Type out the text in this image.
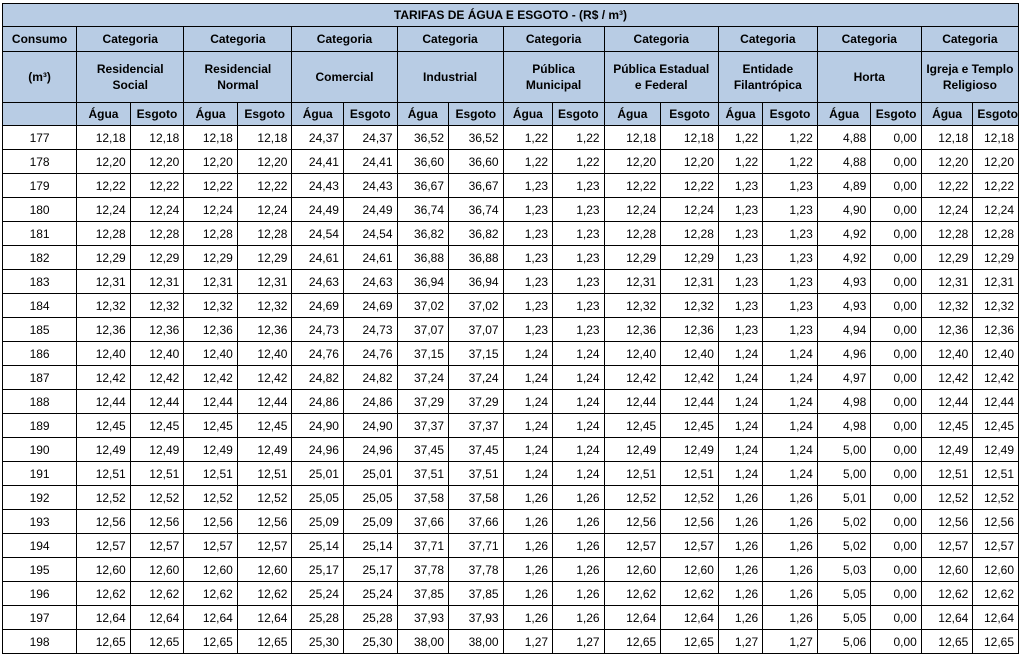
TARIFAS DE ÁGUA E ESGOTO - (R$ / m³)																		
Consumo	Categoria		Categoria		Categoria		Categoria		Categoria		Categoria		Categoria		Categoria		Categoria	
(m³)	Residencial Social		Residencial Normal		Comercial		Industrial		Pública Municipal		Pública Estadual e Federal		Entidade Filantrópica		Horta		Igreja e Templo Religioso	
	Água	Esgoto	Água	Esgoto	Água	Esgoto	Água	Esgoto	Água	Esgoto	Água	Esgoto	Água	Esgoto	Água	Esgoto	Água	Esgoto
177	12,18	12,18	12,18	12,18	24,37	24,37	36,52	36,52	1,22	1,22	12,18	12,18	1,22	1,22	4,88	0,00	12,18	12,18
178	12,20	12,20	12,20	12,20	24,41	24,41	36,60	36,60	1,22	1,22	12,20	12,20	1,22	1,22	4,88	0,00	12,20	12,20
179	12,22	12,22	12,22	12,22	24,43	24,43	36,67	36,67	1,23	1,23	12,22	12,22	1,23	1,23	4,89	0,00	12,22	12,22
180	12,24	12,24	12,24	12,24	24,49	24,49	36,74	36,74	1,23	1,23	12,24	12,24	1,23	1,23	4,90	0,00	12,24	12,24
181	12,28	12,28	12,28	12,28	24,54	24,54	36,82	36,82	1,23	1,23	12,28	12,28	1,23	1,23	4,92	0,00	12,28	12,28
182	12,29	12,29	12,29	12,29	24,61	24,61	36,88	36,88	1,23	1,23	12,29	12,29	1,23	1,23	4,92	0,00	12,29	12,29
183	12,31	12,31	12,31	12,31	24,63	24,63	36,94	36,94	1,23	1,23	12,31	12,31	1,23	1,23	4,93	0,00	12,31	12,31
184	12,32	12,32	12,32	12,32	24,69	24,69	37,02	37,02	1,23	1,23	12,32	12,32	1,23	1,23	4,93	0,00	12,32	12,32
185	12,36	12,36	12,36	12,36	24,73	24,73	37,07	37,07	1,23	1,23	12,36	12,36	1,23	1,23	4,94	0,00	12,36	12,36
186	12,40	12,40	12,40	12,40	24,76	24,76	37,15	37,15	1,24	1,24	12,40	12,40	1,24	1,24	4,96	0,00	12,40	12,40
187	12,42	12,42	12,42	12,42	24,82	24,82	37,24	37,24	1,24	1,24	12,42	12,42	1,24	1,24	4,97	0,00	12,42	12,42
188	12,44	12,44	12,44	12,44	24,86	24,86	37,29	37,29	1,24	1,24	12,44	12,44	1,24	1,24	4,98	0,00	12,44	12,44
189	12,45	12,45	12,45	12,45	24,90	24,90	37,37	37,37	1,24	1,24	12,45	12,45	1,24	1,24	4,98	0,00	12,45	12,45
190	12,49	12,49	12,49	12,49	24,96	24,96	37,45	37,45	1,24	1,24	12,49	12,49	1,24	1,24	5,00	0,00	12,49	12,49
191	12,51	12,51	12,51	12,51	25,01	25,01	37,51	37,51	1,24	1,24	12,51	12,51	1,24	1,24	5,00	0,00	12,51	12,51
192	12,52	12,52	12,52	12,52	25,05	25,05	37,58	37,58	1,26	1,26	12,52	12,52	1,26	1,26	5,01	0,00	12,52	12,52
193	12,56	12,56	12,56	12,56	25,09	25,09	37,66	37,66	1,26	1,26	12,56	12,56	1,26	1,26	5,02	0,00	12,56	12,56
194	12,57	12,57	12,57	12,57	25,14	25,14	37,71	37,71	1,26	1,26	12,57	12,57	1,26	1,26	5,02	0,00	12,57	12,57
195	12,60	12,60	12,60	12,60	25,17	25,17	37,78	37,78	1,26	1,26	12,60	12,60	1,26	1,26	5,03	0,00	12,60	12,60
196	12,62	12,62	12,62	12,62	25,24	25,24	37,85	37,85	1,26	1,26	12,62	12,62	1,26	1,26	5,05	0,00	12,62	12,62
197	12,64	12,64	12,64	12,64	25,28	25,28	37,93	37,93	1,26	1,26	12,64	12,64	1,26	1,26	5,05	0,00	12,64	12,64
198	12,65	12,65	12,65	12,65	25,30	25,30	38,00	38,00	1,27	1,27	12,65	12,65	1,27	1,27	5,06	0,00	12,65	12,65
